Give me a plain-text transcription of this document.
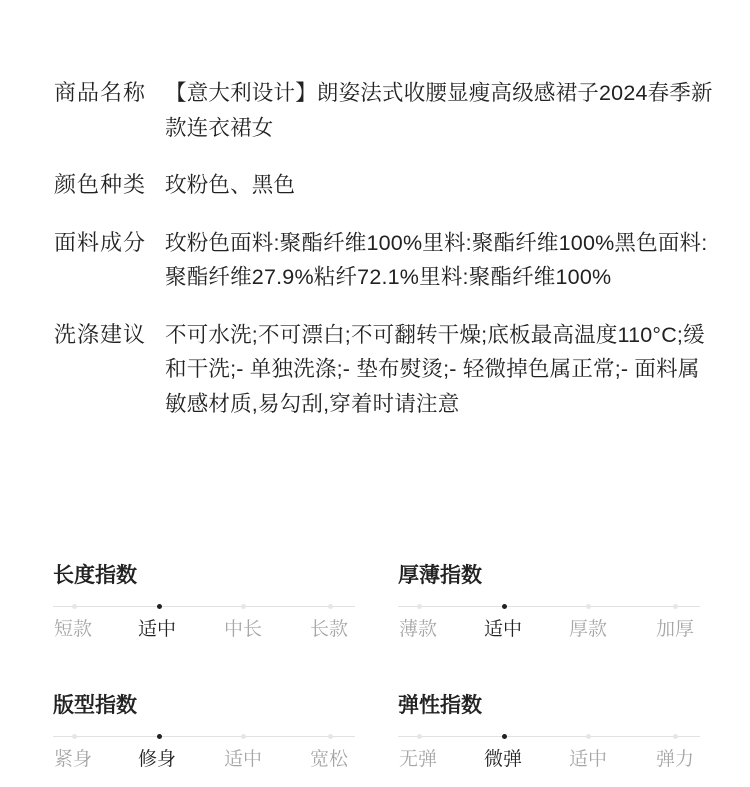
商品名称 【意大利设计】朗姿法式收腰显瘦高级感裙子2024春季新款连衣裙女
颜色种类 玫粉色、黑色
面料成分 玫粉色面料:聚酯纤维100%里料:聚酯纤维100%黑色面料:聚酯纤维27.9%粘纤72.1%里料:聚酯纤维100%
洗涤建议 不可水洗;不可漂白;不可翻转干燥;底板最高温度110°C;缓和干洗;- 单独洗涤;- 垫布熨烫;- 轻微掉色属正常;- 面料属敏感材质,易勾刮,穿着时请注意
长度指数
短款 适中	中长	长款
厚薄指数
薄款 适中 厚款	加厚
版型指数
紧身 修身	适中	宽松
弹性指数
无弹 微弹 适中	弹力
